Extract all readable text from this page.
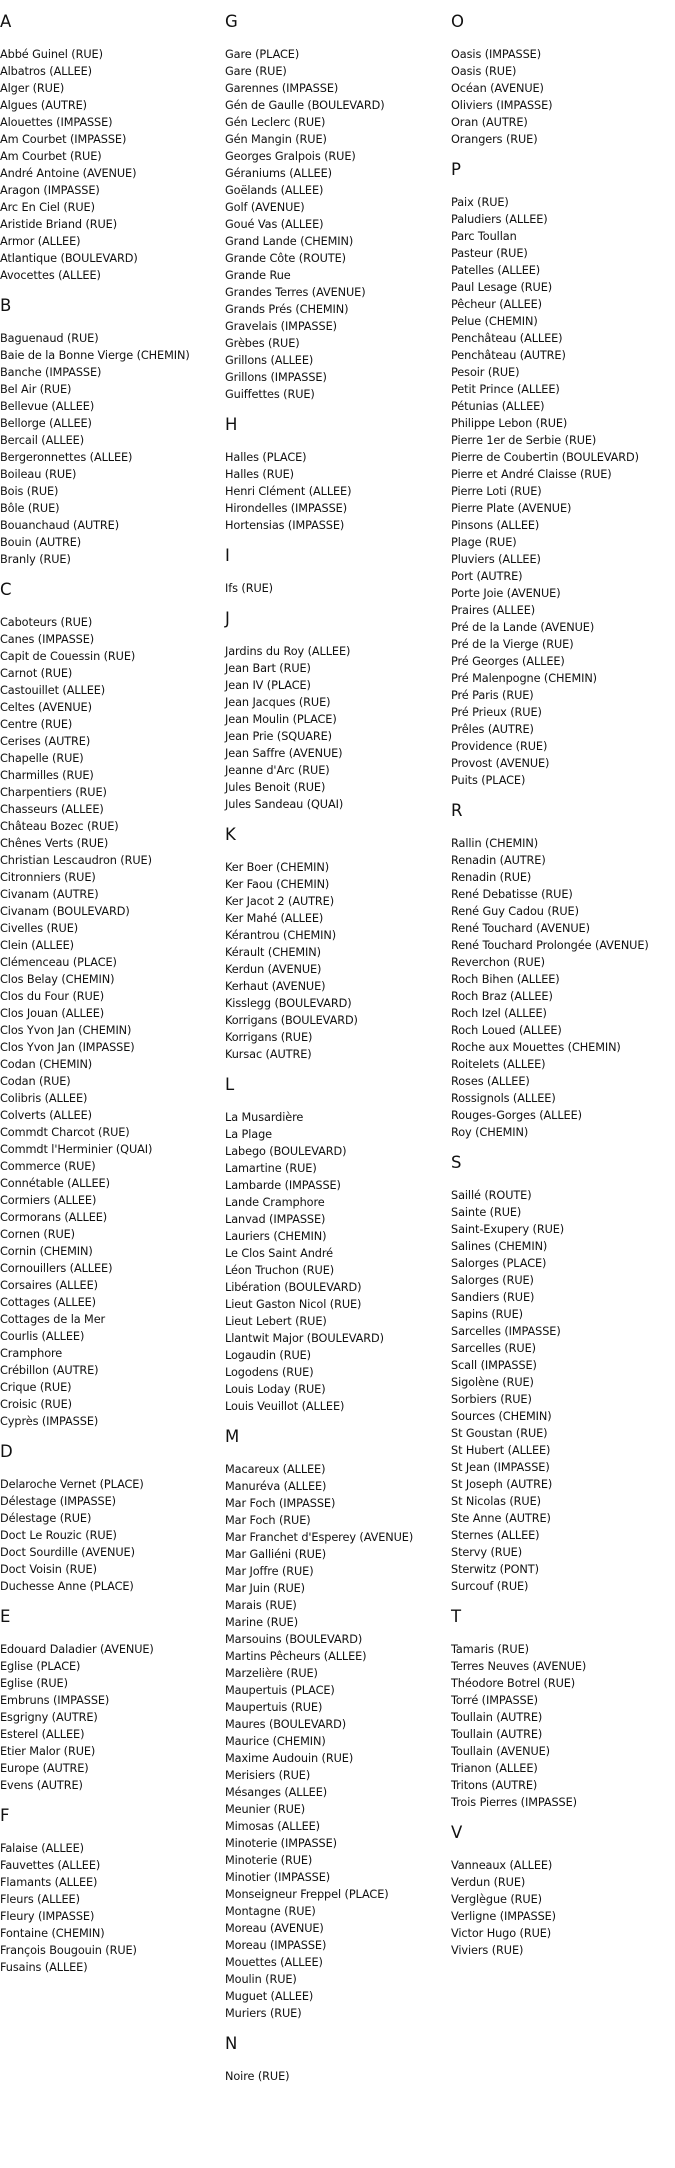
A
Abbé Guinel (RUE)
Albatros (ALLEE)
Alger (RUE)
Algues (AUTRE)
Alouettes (IMPASSE)
Am Courbet (IMPASSE)
Am Courbet (RUE)
André Antoine (AVENUE)
Aragon (IMPASSE)
Arc En Ciel (RUE)
Aristide Briand (RUE)
Armor (ALLEE)
Atlantique (BOULEVARD)
Avocettes (ALLEE)
B
Baguenaud (RUE)
Baie de la Bonne Vierge (CHEMIN)
Banche (IMPASSE)
Bel Air (RUE)
Bellevue (ALLEE)
Bellorge (ALLEE)
Bercail (ALLEE)
Bergeronnettes (ALLEE)
Boileau (RUE)
Bois (RUE)
Bôle (RUE)
Bouanchaud (AUTRE)
Bouin (AUTRE)
Branly (RUE)
C
Caboteurs (RUE)
Canes (IMPASSE)
Capit de Couessin (RUE)
Carnot (RUE)
Castouillet (ALLEE)
Celtes (AVENUE)
Centre (RUE)
Cerises (AUTRE)
Chapelle (RUE)
Charmilles (RUE)
Charpentiers (RUE)
Chasseurs (ALLEE)
Château Bozec (RUE)
Chênes Verts (RUE)
Christian Lescaudron (RUE)
Citronniers (RUE)
Civanam (AUTRE)
Civanam (BOULEVARD)
Civelles (RUE)
Clein (ALLEE)
Clémenceau (PLACE)
Clos Belay (CHEMIN)
Clos du Four (RUE)
Clos Jouan (ALLEE)
Clos Yvon Jan (CHEMIN)
Clos Yvon Jan (IMPASSE)
Codan (CHEMIN)
Codan (RUE)
Colibris (ALLEE)
Colverts (ALLEE)
Commdt Charcot (RUE)
Commdt l'Herminier (QUAI)
Commerce (RUE)
Connétable (ALLEE)
Cormiers (ALLEE)
Cormorans (ALLEE)
Cornen (RUE)
Cornin (CHEMIN)
Cornouillers (ALLEE)
Corsaires (ALLEE)
Cottages (ALLEE)
Cottages de la Mer
Courlis (ALLEE)
Cramphore
Crébillon (AUTRE)
Crique (RUE)
Croisic (RUE)
Cyprès (IMPASSE)
D
Delaroche Vernet (PLACE)
Délestage (IMPASSE)
Délestage (RUE)
Doct Le Rouzic (RUE)
Doct Sourdille (AVENUE)
Doct Voisin (RUE)
Duchesse Anne (PLACE)
E
Edouard Daladier (AVENUE)
Eglise (PLACE)
Eglise (RUE)
Embruns (IMPASSE)
Esgrigny (AUTRE)
Esterel (ALLEE)
Etier Malor (RUE)
Europe (AUTRE)
Evens (AUTRE)
F
Falaise (ALLEE)
Fauvettes (ALLEE)
Flamants (ALLEE)
Fleurs (ALLEE)
Fleury (IMPASSE)
Fontaine (CHEMIN)
François Bougouin (RUE)
Fusains (ALLEE)
G
Gare (PLACE)
Gare (RUE)
Garennes (IMPASSE)
Gén de Gaulle (BOULEVARD)
Gén Leclerc (RUE)
Gén Mangin (RUE)
Georges Gralpois (RUE)
Géraniums (ALLEE)
Goëlands (ALLEE)
Golf (AVENUE)
Goué Vas (ALLEE)
Grand Lande (CHEMIN)
Grande Côte (ROUTE)
Grande Rue
Grandes Terres (AVENUE)
Grands Prés (CHEMIN)
Gravelais (IMPASSE)
Grèbes (RUE)
Grillons (ALLEE)
Grillons (IMPASSE)
Guiffettes (RUE)
H
Halles (PLACE)
Halles (RUE)
Henri Clément (ALLEE)
Hirondelles (IMPASSE)
Hortensias (IMPASSE)
I
Ifs (RUE)
J
Jardins du Roy (ALLEE)
Jean Bart (RUE)
Jean IV (PLACE)
Jean Jacques (RUE)
Jean Moulin (PLACE)
Jean Prie (SQUARE)
Jean Saffre (AVENUE)
Jeanne d'Arc (RUE)
Jules Benoit (RUE)
Jules Sandeau (QUAI)
K
Ker Boer (CHEMIN)
Ker Faou (CHEMIN)
Ker Jacot 2 (AUTRE)
Ker Mahé (ALLEE)
Kérantrou (CHEMIN)
Kérault (CHEMIN)
Kerdun (AVENUE)
Kerhaut (AVENUE)
Kisslegg (BOULEVARD)
Korrigans (BOULEVARD)
Korrigans (RUE)
Kursac (AUTRE)
L
La Musardière
La Plage
Labego (BOULEVARD)
Lamartine (RUE)
Lambarde (IMPASSE)
Lande Cramphore
Lanvad (IMPASSE)
Lauriers (CHEMIN)
Le Clos Saint André
Léon Truchon (RUE)
Libération (BOULEVARD)
Lieut Gaston Nicol (RUE)
Lieut Lebert (RUE)
Llantwit Major (BOULEVARD)
Logaudin (RUE)
Logodens (RUE)
Louis Loday (RUE)
Louis Veuillot (ALLEE)
M
Macareux (ALLEE)
Manuréva (ALLEE)
Mar Foch (IMPASSE)
Mar Foch (RUE)
Mar Franchet d'Esperey (AVENUE)
Mar Galliéni (RUE)
Mar Joffre (RUE)
Mar Juin (RUE)
Marais (RUE)
Marine (RUE)
Marsouins (BOULEVARD)
Martins Pêcheurs (ALLEE)
Marzelière (RUE)
Maupertuis (PLACE)
Maupertuis (RUE)
Maures (BOULEVARD)
Maurice (CHEMIN)
Maxime Audouin (RUE)
Merisiers (RUE)
Mésanges (ALLEE)
Meunier (RUE)
Mimosas (ALLEE)
Minoterie (IMPASSE)
Minoterie (RUE)
Minotier (IMPASSE)
Monseigneur Freppel (PLACE)
Montagne (RUE)
Moreau (AVENUE)
Moreau (IMPASSE)
Mouettes (ALLEE)
Moulin (RUE)
Muguet (ALLEE)
Muriers (RUE)
N
Noire (RUE)
O
Oasis (IMPASSE)
Oasis (RUE)
Océan (AVENUE)
Oliviers (IMPASSE)
Oran (AUTRE)
Orangers (RUE)
P
Paix (RUE)
Paludiers (ALLEE)
Parc Toullan
Pasteur (RUE)
Patelles (ALLEE)
Paul Lesage (RUE)
Pêcheur (ALLEE)
Pelue (CHEMIN)
Penchâteau (ALLEE)
Penchâteau (AUTRE)
Pesoir (RUE)
Petit Prince (ALLEE)
Pétunias (ALLEE)
Philippe Lebon (RUE)
Pierre 1er de Serbie (RUE)
Pierre de Coubertin (BOULEVARD)
Pierre et André Claisse (RUE)
Pierre Loti (RUE)
Pierre Plate (AVENUE)
Pinsons (ALLEE)
Plage (RUE)
Pluviers (ALLEE)
Port (AUTRE)
Porte Joie (AVENUE)
Praires (ALLEE)
Pré de la Lande (AVENUE)
Pré de la Vierge (RUE)
Pré Georges (ALLEE)
Pré Malenpogne (CHEMIN)
Pré Paris (RUE)
Pré Prieux (RUE)
Prêles (AUTRE)
Providence (RUE)
Provost (AVENUE)
Puits (PLACE)
R
Rallin (CHEMIN)
Renadin (AUTRE)
Renadin (RUE)
René Debatisse (RUE)
René Guy Cadou (RUE)
René Touchard (AVENUE)
René Touchard Prolongée (AVENUE)
Reverchon (RUE)
Roch Bihen (ALLEE)
Roch Braz (ALLEE)
Roch Izel (ALLEE)
Roch Loued (ALLEE)
Roche aux Mouettes (CHEMIN)
Roitelets (ALLEE)
Roses (ALLEE)
Rossignols (ALLEE)
Rouges-Gorges (ALLEE)
Roy (CHEMIN)
S
Saillé (ROUTE)
Sainte (RUE)
Saint-Exupery (RUE)
Salines (CHEMIN)
Salorges (PLACE)
Salorges (RUE)
Sandiers (RUE)
Sapins (RUE)
Sarcelles (IMPASSE)
Sarcelles (RUE)
Scall (IMPASSE)
Sigolène (RUE)
Sorbiers (RUE)
Sources (CHEMIN)
St Goustan (RUE)
St Hubert (ALLEE)
St Jean (IMPASSE)
St Joseph (AUTRE)
St Nicolas (RUE)
Ste Anne (AUTRE)
Sternes (ALLEE)
Stervy (RUE)
Sterwitz (PONT)
Surcouf (RUE)
T
Tamaris (RUE)
Terres Neuves (AVENUE)
Théodore Botrel (RUE)
Torré (IMPASSE)
Toullain (AUTRE)
Toullain (AUTRE)
Toullain (AVENUE)
Trianon (ALLEE)
Tritons (AUTRE)
Trois Pierres (IMPASSE)
V
Vanneaux (ALLEE)
Verdun (RUE)
Verglègue (RUE)
Verligne (IMPASSE)
Victor Hugo (RUE)
Viviers (RUE)
